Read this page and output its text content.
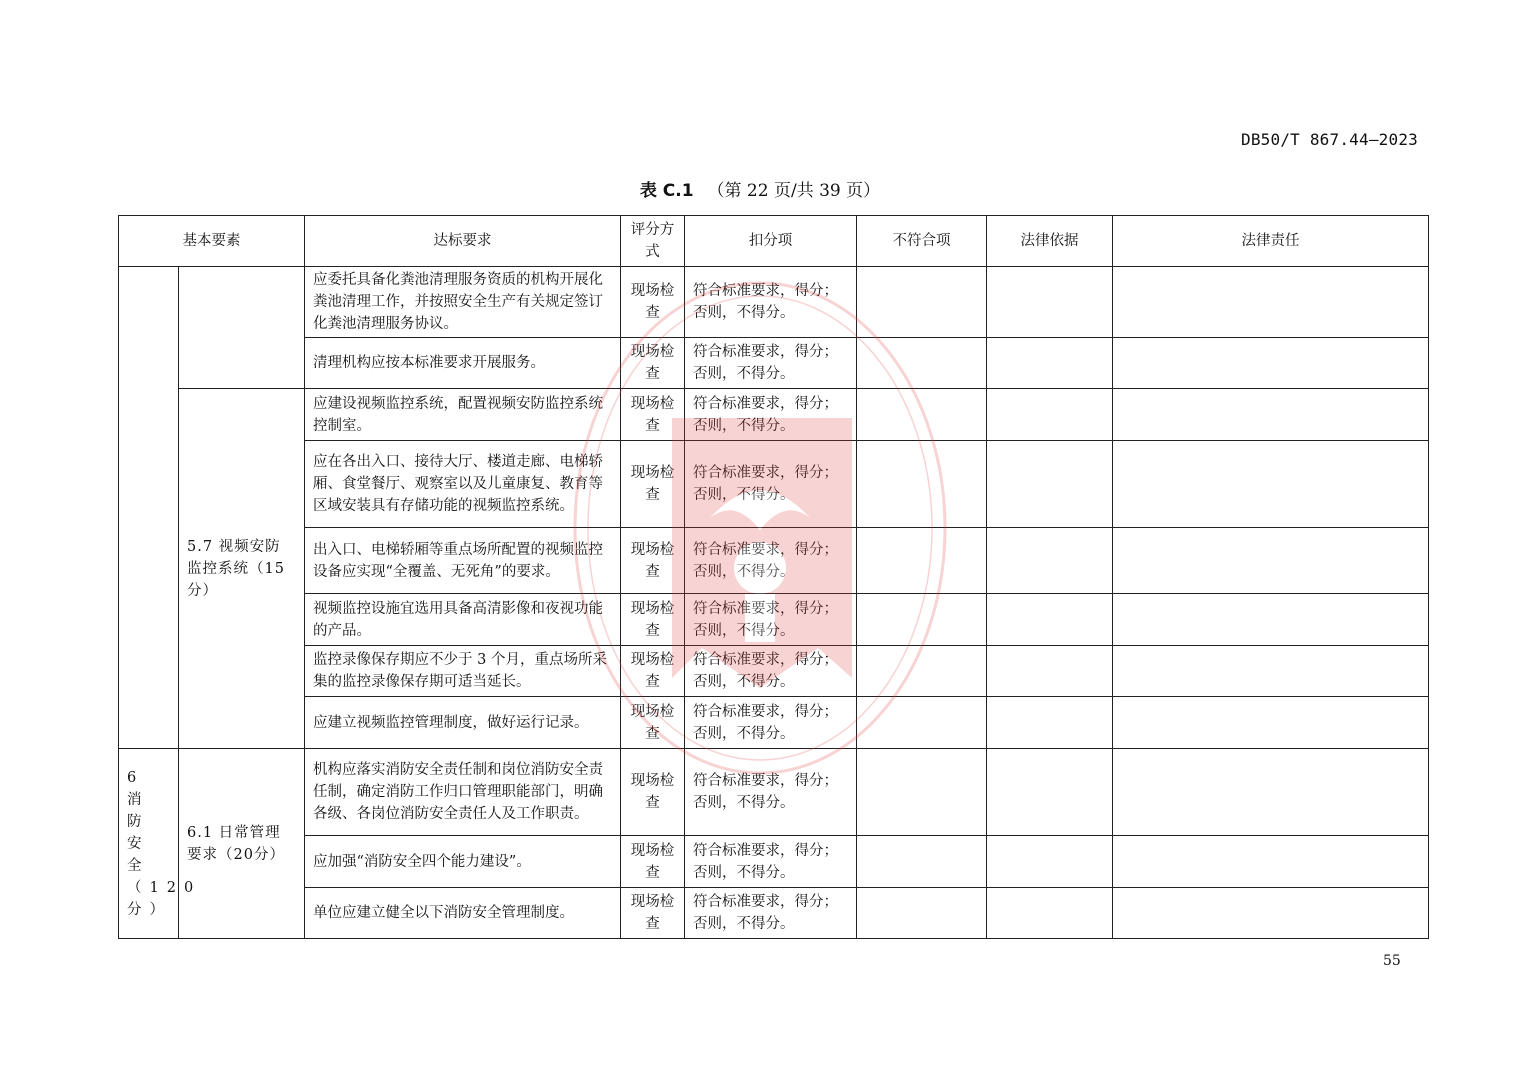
DB50/T 867.44—2023
表 C.1 （第 22 页/共 39 页）
基本要素		达标要求	评分方式	扣分项	不符合项	法律依据	法律责任
		应委托具备化粪池清理服务资质的机构开展化粪池清理工作，并按照安全生产有关规定签订化粪池清理服务协议。	现场检查	符合标准要求，得分；否则，不得分。			
		清理机构应按本标准要求开展服务。	现场检查	符合标准要求，得分；否则，不得分。			
	5.7 视频安防监控系统（15分）	应建设视频监控系统，配置视频安防监控系统控制室。	现场检查	符合标准要求，得分；否则，不得分。			
		应在各出入口、接待大厅、楼道走廊、电梯轿厢、食堂餐厅、观察室以及儿童康复、教育等区域安装具有存储功能的视频监控系统。	现场检查	符合标准要求，得分；否则，不得分。			
		出入口、电梯轿厢等重点场所配置的视频监控设备应实现“全覆盖、无死角”的要求。	现场检查	符合标准要求，得分；否则，不得分。			
		视频监控设施宜选用具备高清影像和夜视功能的产品。	现场检查	符合标准要求，得分；否则，不得分。			
		监控录像保存期应不少于 3 个月，重点场所采集的监控录像保存期可适当延长。	现场检查	符合标准要求，得分；否则，不得分。			
		应建立视频监控管理制度，做好运行记录。	现场检查	符合标准要求，得分；否则，不得分。			
6 消防安全（120分）	6.1 日常管理要求（20分）	机构应落实消防安全责任制和岗位消防安全责任制，确定消防工作归口管理职能部门，明确各级、各岗位消防安全责任人及工作职责。	现场检查	符合标准要求，得分；否则，不得分。			
		应加强“消防安全四个能力建设”。	现场检查	符合标准要求，得分；否则，不得分。			
		单位应建立健全以下消防安全管理制度。	现场检查	符合标准要求，得分；否则，不得分。			
55
